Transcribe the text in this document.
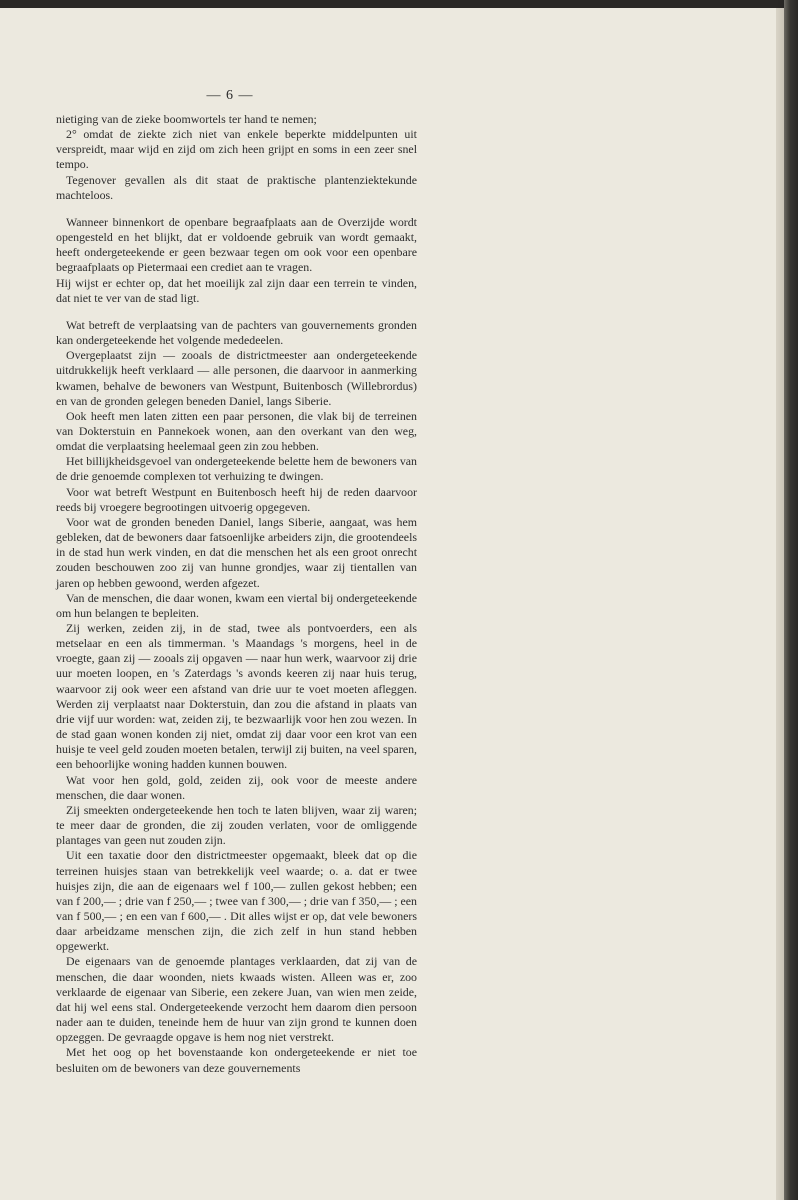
— 6 —

nietiging van de zieke boomwortels ter hand te nemen;

2° omdat de ziekte zich niet van enkele beperkte middelpunten uit verspreidt, maar wijd en zijd om zich heen grijpt en soms in een zeer snel tempo.

Tegenover gevallen als dit staat de praktische plantenziektekunde machteloos.

Wanneer binnenkort de openbare begraafplaats aan de Overzijde wordt opengesteld en het blijkt, dat er voldoende gebruik van wordt gemaakt, heeft ondergeteekende er geen bezwaar tegen om ook voor een openbare begraafplaats op Pietermaai een crediet aan te vragen.

Hij wijst er echter op, dat het moeilijk zal zijn daar een terrein te vinden, dat niet te ver van de stad ligt.

Wat betreft de verplaatsing van de pachters van gouvernements gronden kan ondergeteekende het volgende mededeelen.

Overgeplaatst zijn — zooals de districtmeester aan ondergeteekende uitdrukkelijk heeft verklaard — alle personen, die daarvoor in aanmerking kwamen, behalve de bewoners van Westpunt, Buitenbosch (Willebrordus) en van de gronden gelegen beneden Daniel, langs Siberie.

Ook heeft men laten zitten een paar personen, die vlak bij de terreinen van Dokterstuin en Pannekoek wonen, aan den overkant van den weg, omdat die verplaatsing heelemaal geen zin zou hebben.

Het billijkheidsgevoel van ondergeteekende belette hem de bewoners van de drie genoemde complexen tot verhuizing te dwingen.

Voor wat betreft Westpunt en Buitenbosch heeft hij de reden daarvoor reeds bij vroegere begrootingen uitvoerig opgegeven.

Voor wat de gronden beneden Daniel, langs Siberie, aangaat, was hem gebleken, dat de bewoners daar fatsoenlijke arbeiders zijn, die grootendeels in de stad hun werk vinden, en dat die menschen het als een groot onrecht zouden beschouwen zoo zij van hunne grondjes, waar zij tientallen van jaren op hebben gewoond, werden afgezet.

Van de menschen, die daar wonen, kwam een viertal bij ondergeteekende om hun belangen te bepleiten.

Zij werken, zeiden zij, in de stad, twee als pontvoerders, een als metselaar en een als timmerman. 's Maandags 's morgens, heel in de vroegte, gaan zij — zooals zij opgaven — naar hun werk, waarvoor zij drie uur moeten loopen, en 's Zaterdags 's avonds keeren zij naar huis terug, waarvoor zij ook weer een afstand van drie uur te voet moeten afleggen. Werden zij verplaatst naar Dokterstuin, dan zou die afstand in plaats van drie vijf uur worden: wat, zeiden zij, te bezwaarlijk voor hen zou wezen. In de stad gaan wonen konden zij niet, omdat zij daar voor een krot van een huisje te veel geld zouden moeten betalen, terwijl zij buiten, na veel sparen, een behoorlijke woning hadden kunnen bouwen.

Wat voor hen gold, gold, zeiden zij, ook voor de meeste andere menschen, die daar wonen.

Zij smeekten ondergeteekende hen toch te laten blijven, waar zij waren; te meer daar de gronden, die zij zouden verlaten, voor de omliggende plantages van geen nut zouden zijn.

Uit een taxatie door den districtmeester opgemaakt, bleek dat op die terreinen huisjes staan van betrekkelijk veel waarde; o. a. dat er twee huisjes zijn, die aan de eigenaars wel f 100,— zullen gekost hebben; een van f 200,— ; drie van f 250,— ; twee van f 300,— ; drie van f 350,— ; een van f 500,— ; en een van f 600,— . Dit alles wijst er op, dat vele bewoners daar arbeidzame menschen zijn, die zich zelf in hun stand hebben opgewerkt.

De eigenaars van de genoemde plantages verklaarden, dat zij van de menschen, die daar woonden, niets kwaads wisten. Alleen was er, zoo verklaarde de eigenaar van Siberie, een zekere Juan, van wien men zeide, dat hij wel eens stal. Ondergeteekende verzocht hem daarom dien persoon nader aan te duiden, teneinde hem de huur van zijn grond te kunnen doen opzeggen. De gevraagde opgave is hem nog niet verstrekt.

Met het oog op het bovenstaande kon ondergeteekende er niet toe besluiten om de bewoners van deze gouvernements
